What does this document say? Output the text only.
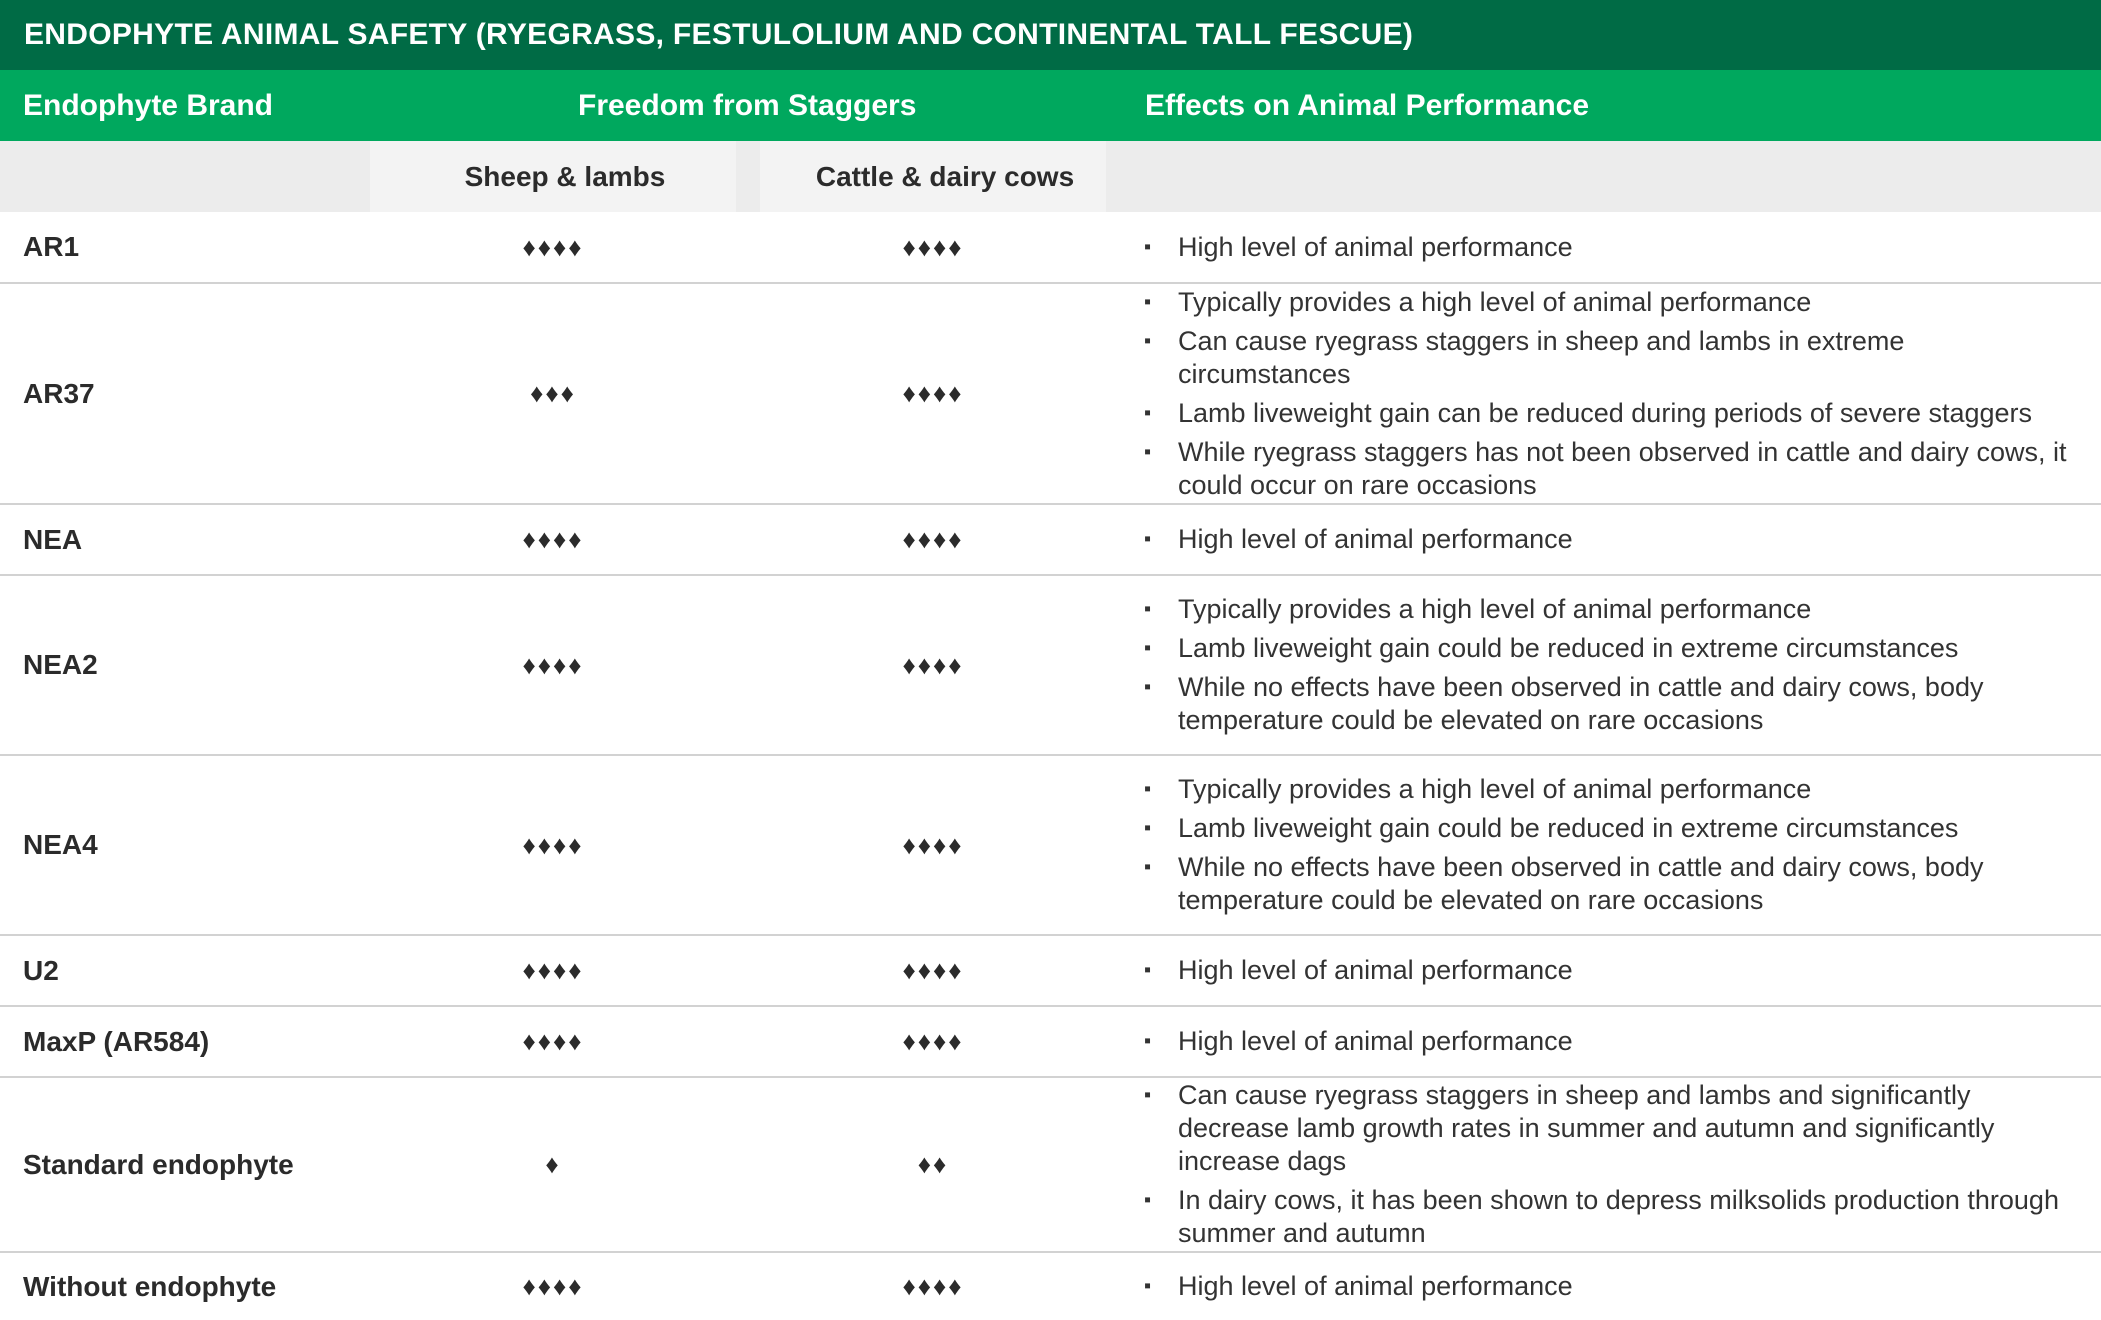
ENDOPHYTE ANIMAL SAFETY (RYEGRASS, FESTULOLIUM AND CONTINENTAL TALL FESCUE)
Endophyte Brand	Freedom from Staggers	Effects on Animal Performance
Sheep & lambs	Cattle & dairy cows
AR1	♦♦♦♦	♦♦♦♦	▪ High level of animal performance
AR37	♦♦♦	♦♦♦♦
▪ Typically provides a high level of animal performance
▪ Can cause ryegrass staggers in sheep and lambs in extreme circumstances
▪ Lamb liveweight gain can be reduced during periods of severe staggers
▪ While ryegrass staggers has not been observed in cattle and dairy cows, it could occur on rare occasions
NEA	♦♦♦♦	♦♦♦♦	▪ High level of animal performance
NEA2	♦♦♦♦	♦♦♦♦
▪ Typically provides a high level of animal performance
▪ Lamb liveweight gain could be reduced in extreme circumstances
▪ While no effects have been observed in cattle and dairy cows, body temperature could be elevated on rare occasions
NEA4	♦♦♦♦	♦♦♦♦
▪ Typically provides a high level of animal performance
▪ Lamb liveweight gain could be reduced in extreme circumstances
▪ While no effects have been observed in cattle and dairy cows, body temperature could be elevated on rare occasions
U2	♦♦♦♦	♦♦♦♦	▪ High level of animal performance
MaxP (AR584)	♦♦♦♦	♦♦♦♦	▪ High level of animal performance
Standard endophyte	♦	♦♦
▪ Can cause ryegrass staggers in sheep and lambs and significantly decrease lamb growth rates in summer and autumn and significantly increase dags
▪ In dairy cows, it has been shown to depress milksolids production through summer and autumn
Without endophyte	♦♦♦♦	♦♦♦♦	▪ High level of animal performance
